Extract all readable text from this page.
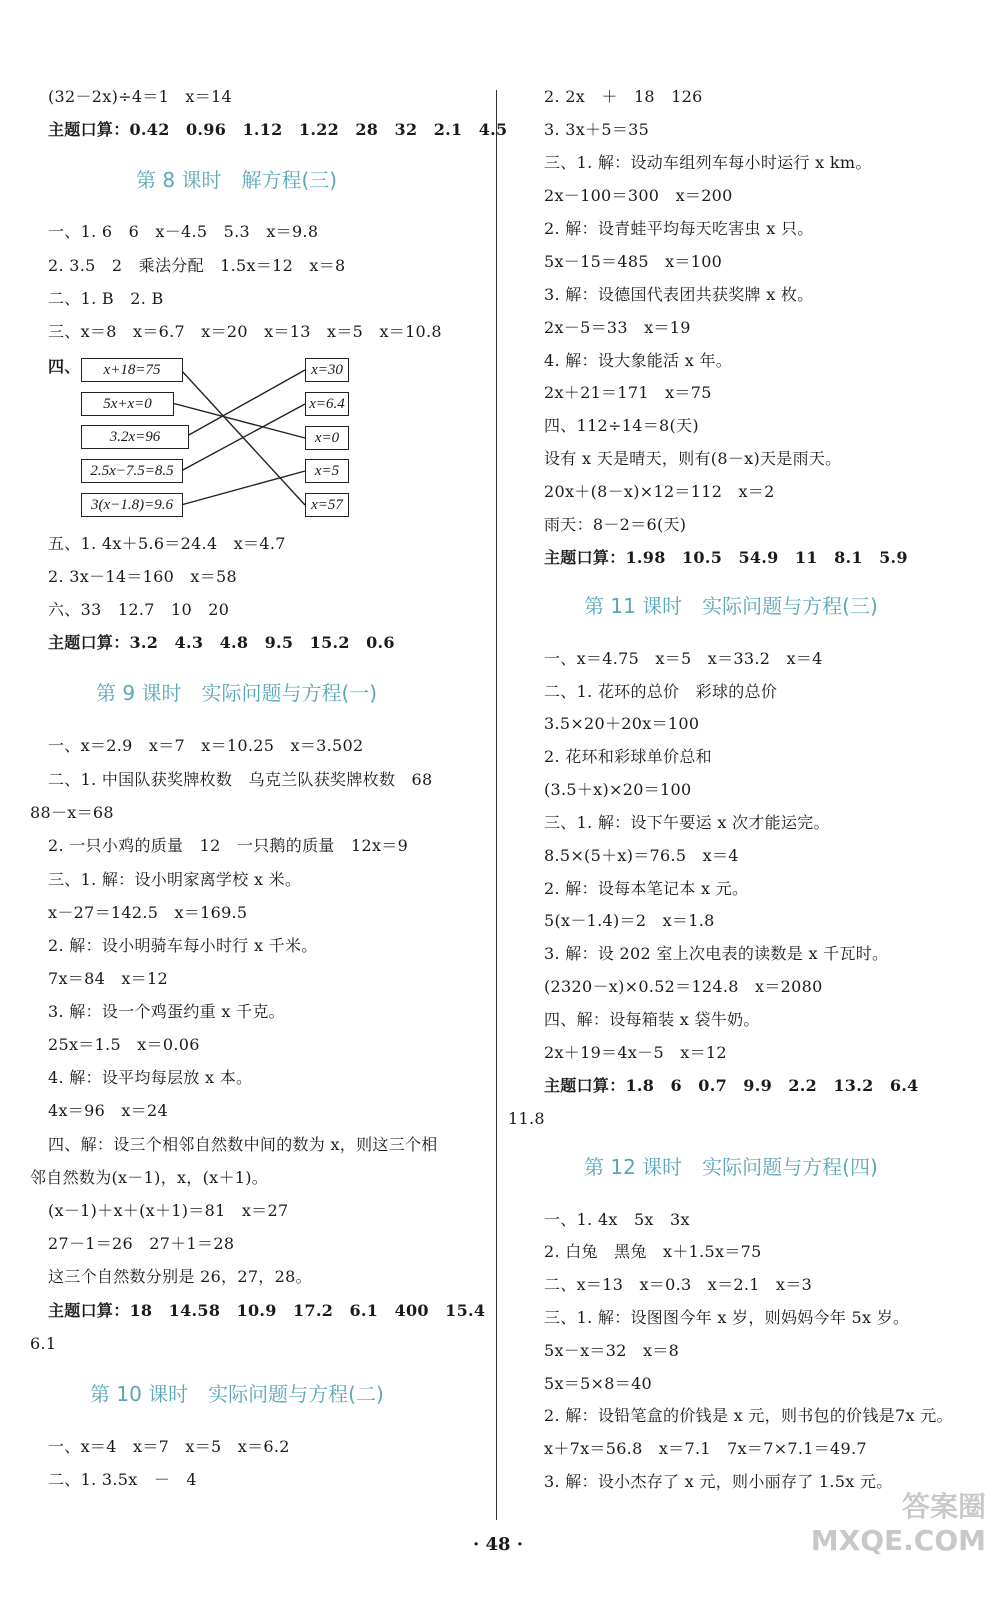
(32－2x)÷4＝1　x＝14
主题口算：0.42　0.96　1.12　1.22　28　32　2.1　4.5
第 8 课时　解方程(三)
一、1. 6　6　x－4.5　5.3　x＝9.8
2. 3.5　2　乘法分配　1.5x＝12　x＝8
二、1. B　2. B
三、x＝8　x＝6.7　x＝20　x＝13　x＝5　x＝10.8
四、	x+18=75
5x+x=0
3.2x=96
2.5x−7.5=8.5
3(x−1.8)=9.6
x=30
x=6.4
x=0
x=5
x=57
五、1. 4x＋5.6＝24.4　x＝4.7
2. 3x－14＝160　x＝58
六、33　12.7　10　20
主题口算：3.2　4.3　4.8　9.5　15.2　0.6
第 9 课时　实际问题与方程(一)
一、x＝2.9　x＝7　x＝10.25　x＝3.502
二、1. 中国队获奖牌枚数　乌克兰队获奖牌枚数　68
88－x＝68
2. 一只小鸡的质量　12　一只鹅的质量　12x＝9
三、1. 解：设小明家离学校 x 米。
x－27＝142.5　x＝169.5
2. 解：设小明骑车每小时行 x 千米。
7x＝84　x＝12
3. 解：设一个鸡蛋约重 x 千克。
25x＝1.5　x＝0.06
4. 解：设平均每层放 x 本。
4x＝96　x＝24
四、解：设三个相邻自然数中间的数为 x，则这三个相
邻自然数为(x－1)，x，(x＋1)。
(x－1)＋x＋(x＋1)＝81　x＝27
27－1＝26　27＋1＝28
这三个自然数分别是 26，27，28。
主题口算：18　14.58　10.9　17.2　6.1　400　15.4
6.1
第 10 课时　实际问题与方程(二)
一、x＝4　x＝7　x＝5　x＝6.2
二、1. 3.5x　－　4
2. 2x　＋　18　126
3. 3x＋5＝35
三、1. 解：设动车组列车每小时运行 x km。
2x－100＝300　x＝200
2. 解：设青蛙平均每天吃害虫 x 只。
5x－15＝485　x＝100
3. 解：设德国代表团共获奖牌 x 枚。
2x－5＝33　x＝19
4. 解：设大象能活 x 年。
2x＋21＝171　x＝75
四、112÷14＝8(天)
设有 x 天是晴天，则有(8－x)天是雨天。
20x＋(8－x)×12＝112　x＝2
雨天：8－2＝6(天)
主题口算：1.98　10.5　54.9　11　8.1　5.9
第 11 课时　实际问题与方程(三)
一、x＝4.75　x＝5　x＝33.2　x＝4
二、1. 花环的总价　彩球的总价
3.5×20＋20x＝100
2. 花环和彩球单价总和
(3.5＋x)×20＝100
三、1. 解：设下午要运 x 次才能运完。
8.5×(5＋x)＝76.5　x＝4
2. 解：设每本笔记本 x 元。
5(x－1.4)＝2　x＝1.8
3. 解：设 202 室上次电表的读数是 x 千瓦时。
(2320－x)×0.52＝124.8　x＝2080
四、解：设每箱装 x 袋牛奶。
2x＋19＝4x－5　x＝12
主题口算：1.8　6　0.7　9.9　2.2　13.2　6.4
11.8
第 12 课时　实际问题与方程(四)
一、1. 4x　5x　3x
2. 白兔　黑兔　x＋1.5x＝75
二、x＝13　x＝0.3　x＝2.1　x＝3
三、1. 解：设图图今年 x 岁，则妈妈今年 5x 岁。
5x－x＝32　x＝8
5x＝5×8＝40
2. 解：设铅笔盒的价钱是 x 元，则书包的价钱是7x 元。
x＋7x＝56.8　x＝7.1　7x＝7×7.1＝49.7
3. 解：设小杰存了 x 元，则小丽存了 1.5x 元。
· 48 ·
答案圈
MXQE.COM
